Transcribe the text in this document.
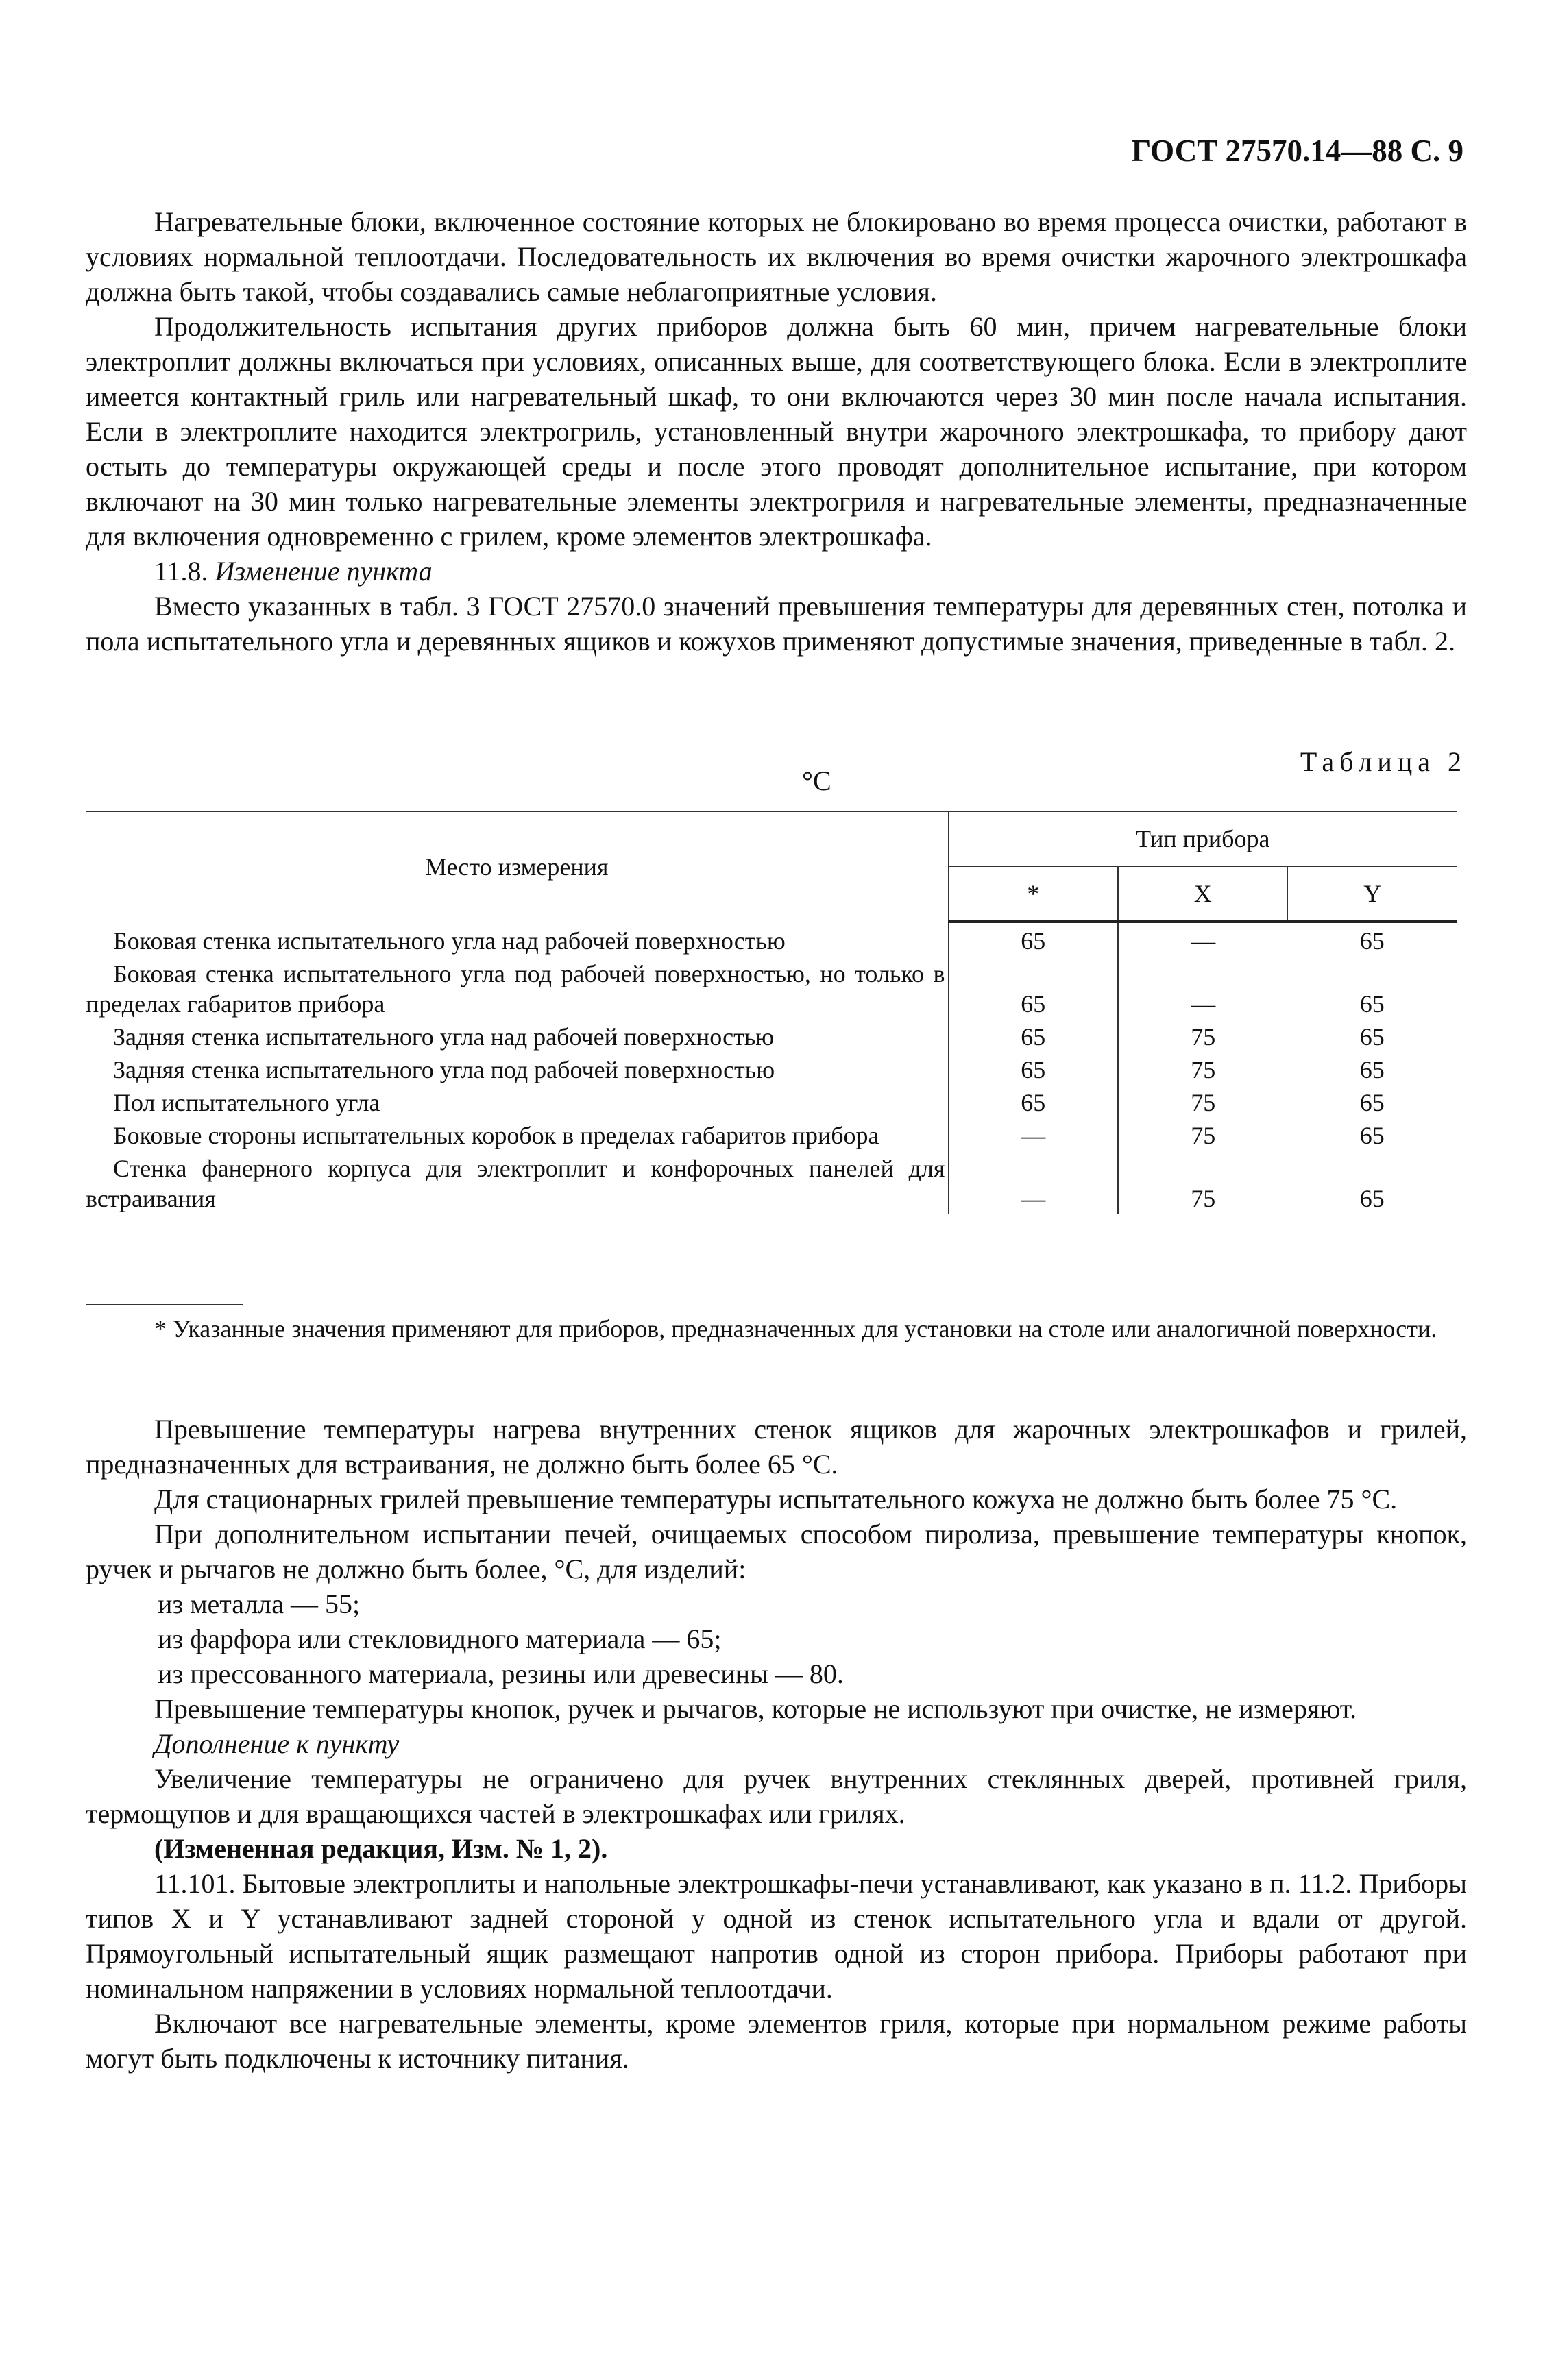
ГОСТ 27570.14—88 С. 9

Нагревательные блоки, включенное состояние которых не блокировано во время процесса очистки, работают в условиях нормальной теплоотдачи. Последовательность их включения во время очистки жарочного электрошкафа должна быть такой, чтобы создавались самые неблагоприятные условия.

Продолжительность испытания других приборов должна быть 60 мин, причем нагревательные блоки электроплит должны включаться при условиях, описанных выше, для соответствующего блока. Если в электроплите имеется контактный гриль или нагревательный шкаф, то они включаются через 30 мин после начала испытания. Если в электроплите находится электрогриль, установленный внутри жарочного электрошкафа, то прибору дают остыть до температуры окружающей среды и после этого проводят дополнительное испытание, при котором включают на 30 мин только нагревательные элементы электрогриля и нагревательные элементы, предназначенные для включения одновременно с грилем, кроме элементов электрошкафа.

11.8. Изменение пункта

Вместо указанных в табл. 3 ГОСТ 27570.0 значений превышения температуры для деревянных стен, потолка и пола испытательного угла и деревянных ящиков и кожухов применяют допустимые значения, приведенные в табл. 2.

°С
Таблица 2
Место измерения	Тип прибора		
	*	X	Y
Боковая стенка испытательного угла над рабочей поверхностью	65	—	65
Боковая стенка испытательного угла под рабочей поверхностью, но только в пределах габаритов прибора	65	—	65
Задняя стенка испытательного угла над рабочей поверхностью	65	75	65
Задняя стенка испытательного угла под рабочей поверхностью	65	75	65
Пол испытательного угла	65	75	65
Боковые стороны испытательных коробок в пределах габаритов прибора	—	75	65
Стенка фанерного корпуса для электроплит и конфорочных панелей для встраивания	—	75	65

* Указанные значения применяют для приборов, предназначенных для установки на столе или аналогичной поверхности.

Превышение температуры нагрева внутренних стенок ящиков для жарочных электрошкафов и грилей, предназначенных для встраивания, не должно быть более 65 °С.

Для стационарных грилей превышение температуры испытательного кожуха не должно быть более 75 °С.

При дополнительном испытании печей, очищаемых способом пиролиза, превышение температуры кнопок, ручек и рычагов не должно быть более, °С, для изделий:

из металла — 55;

из фарфора или стекловидного материала — 65;

из прессованного материала, резины или древесины — 80.

Превышение температуры кнопок, ручек и рычагов, которые не используют при очистке, не измеряют.

Дополнение к пункту

Увеличение температуры не ограничено для ручек внутренних стеклянных дверей, противней гриля, термощупов и для вращающихся частей в электрошкафах или грилях.

(Измененная редакция, Изм. № 1, 2).

11.101. Бытовые электроплиты и напольные электрошкафы-печи устанавливают, как указано в п. 11.2. Приборы типов X и Y устанавливают задней стороной у одной из стенок испытательного угла и вдали от другой. Прямоугольный испытательный ящик размещают напротив одной из сторон прибора. Приборы работают при номинальном напряжении в условиях нормальной теплоотдачи.

Включают все нагревательные элементы, кроме элементов гриля, которые при нормальном режиме работы могут быть подключены к источнику питания.
